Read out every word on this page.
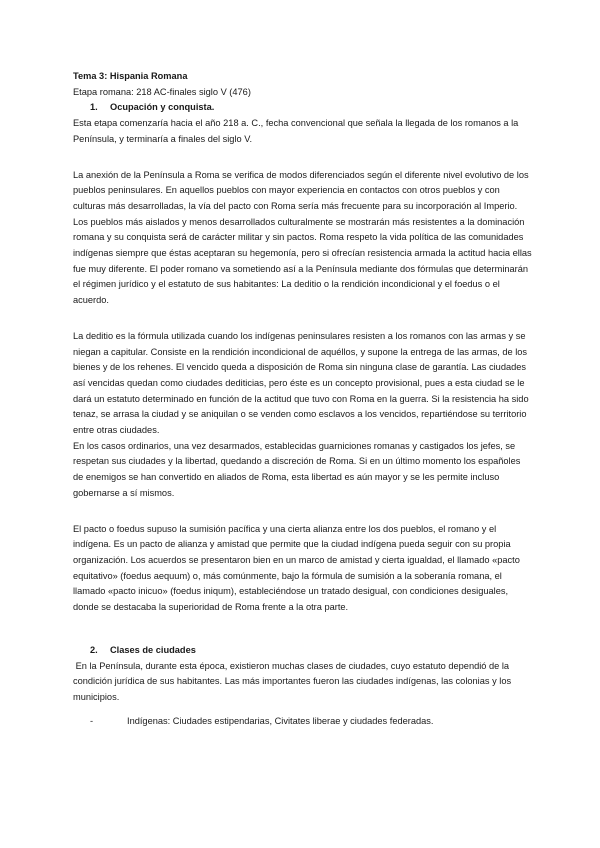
Tema 3: Hispania Romana

Etapa romana: 218 AC-finales siglo V (476)

1.	Ocupación y conquista.

Esta etapa comenzaría hacia el año 218 a. C., fecha convencional que señala la llegada de los romanos a la Península, y terminaría a finales del siglo V.

La anexión de la Península a Roma se verifica de modos diferenciados según el diferente nivel evolutivo de los pueblos peninsulares. En aquellos pueblos con mayor experiencia en contactos con otros pueblos y con culturas más desarrolladas, la vía del pacto con Roma sería más frecuente para su incorporación al Imperio. Los pueblos más aislados y menos desarrollados culturalmente se mostrarán más resistentes a la dominación romana y su conquista será de carácter militar y sin pactos. Roma respeto la vida política de las comunidades indígenas siempre que éstas aceptaran su hegemonía, pero si ofrecían resistencia armada la actitud hacia ellas fue muy diferente. El poder romano va sometiendo así a la Península mediante dos fórmulas que determinarán el régimen jurídico y el estatuto de sus habitantes: La deditio o la rendición incondicional y el foedus o el acuerdo.

La deditio es la fórmula utilizada cuando los indígenas peninsulares resisten a los romanos con las armas y se niegan a capitular. Consiste en la rendición incondicional de aquéllos, y supone la entrega de las armas, de los bienes y de los rehenes. El vencido queda a disposición de Roma sin ninguna clase de garantía. Las ciudades así vencidas quedan como ciudades dediticias, pero éste es un concepto provisional, pues a esta ciudad se le dará un estatuto determinado en función de la actitud que tuvo con Roma en la guerra. Si la resistencia ha sido tenaz, se arrasa la ciudad y se aniquilan o se venden como esclavos a los vencidos, repartiéndose su territorio entre otras ciudades.

En los casos ordinarios, una vez desarmados, establecidas guarniciones romanas y castigados los jefes, se respetan sus ciudades y la libertad, quedando a discreción de Roma. Si en un último momento los españoles de enemigos se han convertido en aliados de Roma, esta libertad es aún mayor y se les permite incluso gobernarse a sí mismos.

El pacto o foedus supuso la sumisión pacífica y una cierta alianza entre los dos pueblos, el romano y el indígena. Es un pacto de alianza y amistad que permite que la ciudad indígena pueda seguir con su propia organización. Los acuerdos se presentaron bien en un marco de amistad y cierta igualdad, el llamado «pacto equitativo» (foedus aequum) o, más comúnmente, bajo la fórmula de sumisión a la soberanía romana, el llamado «pacto inicuo» (foedus iniqum), estableciéndose un tratado desigual, con condiciones desiguales, donde se destacaba la superioridad de Roma frente a la otra parte.

2.	Clases de ciudades

En la Península, durante esta época, existieron muchas clases de ciudades, cuyo estatuto dependió de la condición jurídica de sus habitantes. Las más importantes fueron las ciudades indígenas, las colonias y los municipios.

-	Indígenas: Ciudades estipendarias, Civitates liberae y ciudades federadas.
